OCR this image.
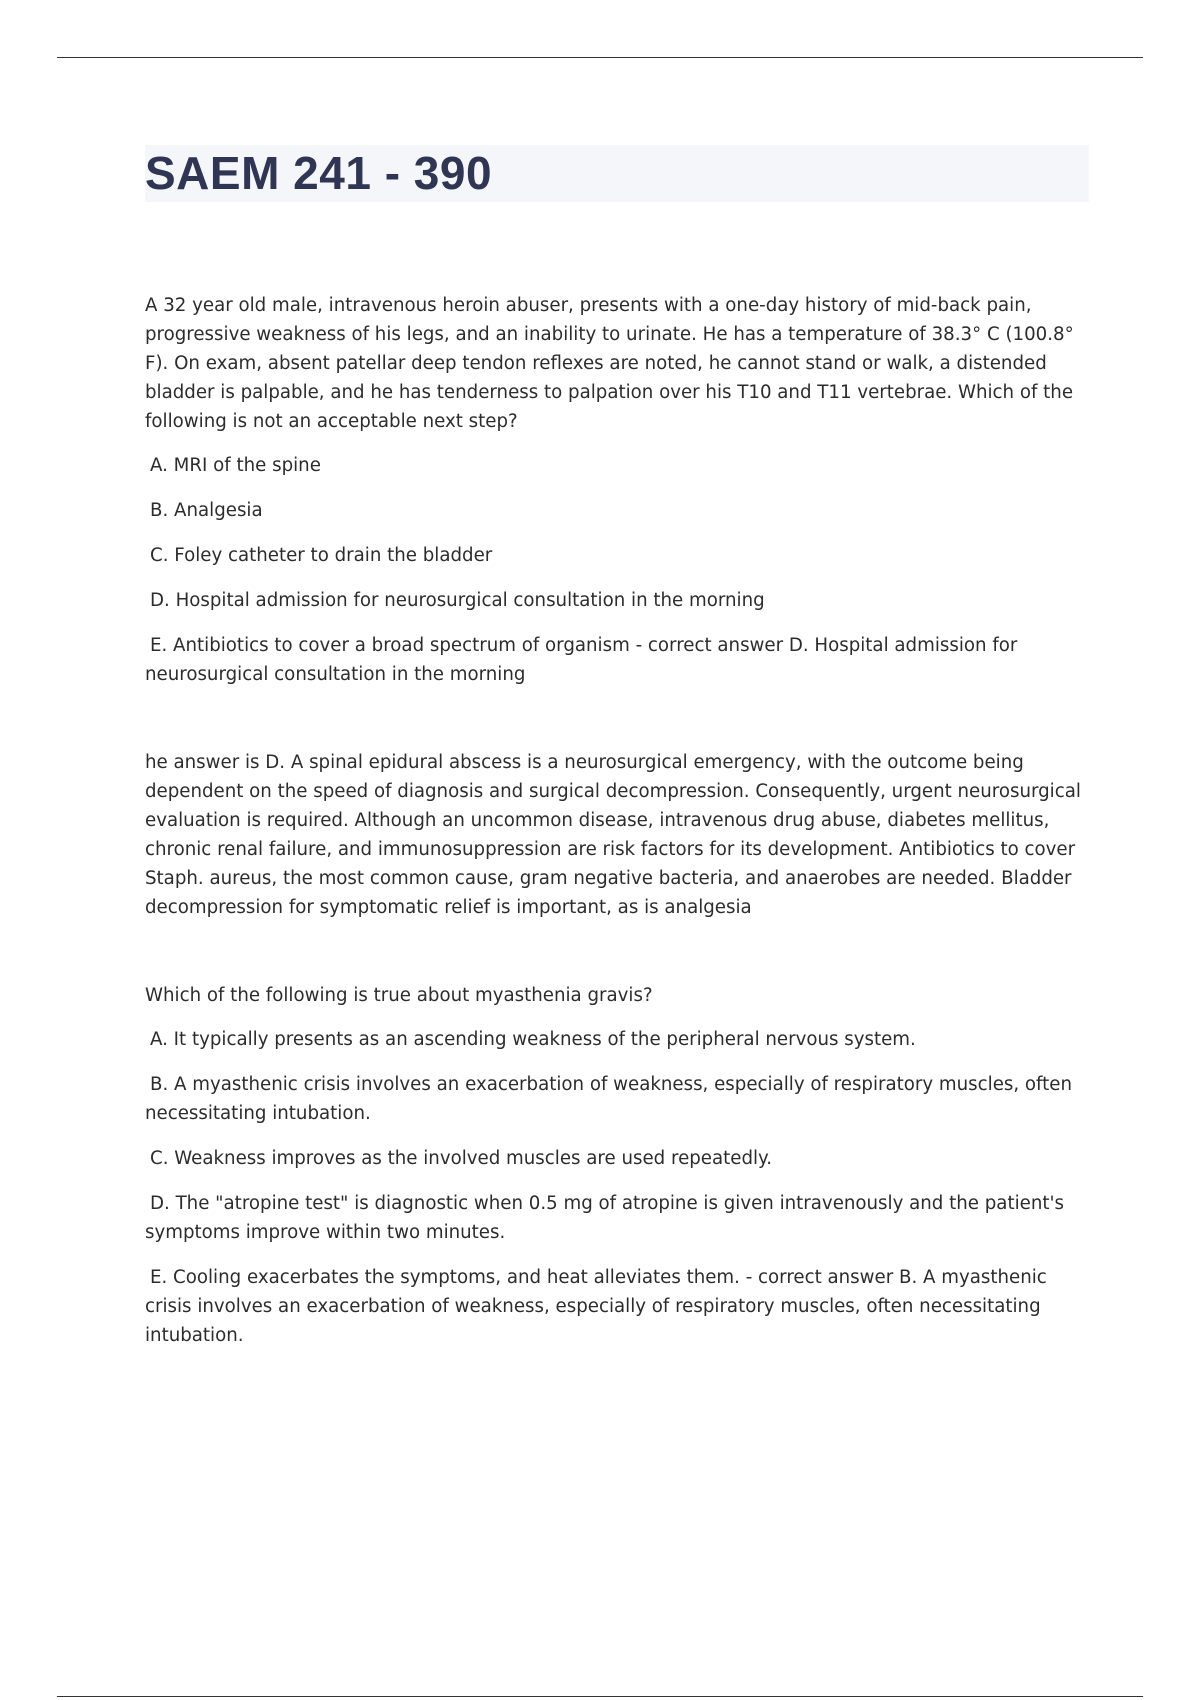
SAEM 241 - 390

A 32 year old male, intravenous heroin abuser, presents with a one-day history of mid-back pain, progressive weakness of his legs, and an inability to urinate. He has a temperature of 38.3° C (100.8° F). On exam, absent patellar deep tendon reflexes are noted, he cannot stand or walk, a distended bladder is palpable, and he has tenderness to palpation over his T10 and T11 vertebrae. Which of the following is not an acceptable next step?

A. MRI of the spine

B. Analgesia

C. Foley catheter to drain the bladder

D. Hospital admission for neurosurgical consultation in the morning

E. Antibiotics to cover a broad spectrum of organism - correct answer D. Hospital admission for neurosurgical consultation in the morning

he answer is D. A spinal epidural abscess is a neurosurgical emergency, with the outcome being dependent on the speed of diagnosis and surgical decompression. Consequently, urgent neurosurgical evaluation is required. Although an uncommon disease, intravenous drug abuse, diabetes mellitus, chronic renal failure, and immunosuppression are risk factors for its development. Antibiotics to cover Staph. aureus, the most common cause, gram negative bacteria, and anaerobes are needed. Bladder decompression for symptomatic relief is important, as is analgesia

Which of the following is true about myasthenia gravis?

A. It typically presents as an ascending weakness of the peripheral nervous system.

B. A myasthenic crisis involves an exacerbation of weakness, especially of respiratory muscles, often necessitating intubation.

C. Weakness improves as the involved muscles are used repeatedly.

D. The "atropine test" is diagnostic when 0.5 mg of atropine is given intravenously and the patient's symptoms improve within two minutes.

E. Cooling exacerbates the symptoms, and heat alleviates them. - correct answer B. A myasthenic crisis involves an exacerbation of weakness, especially of respiratory muscles, often necessitating intubation.
